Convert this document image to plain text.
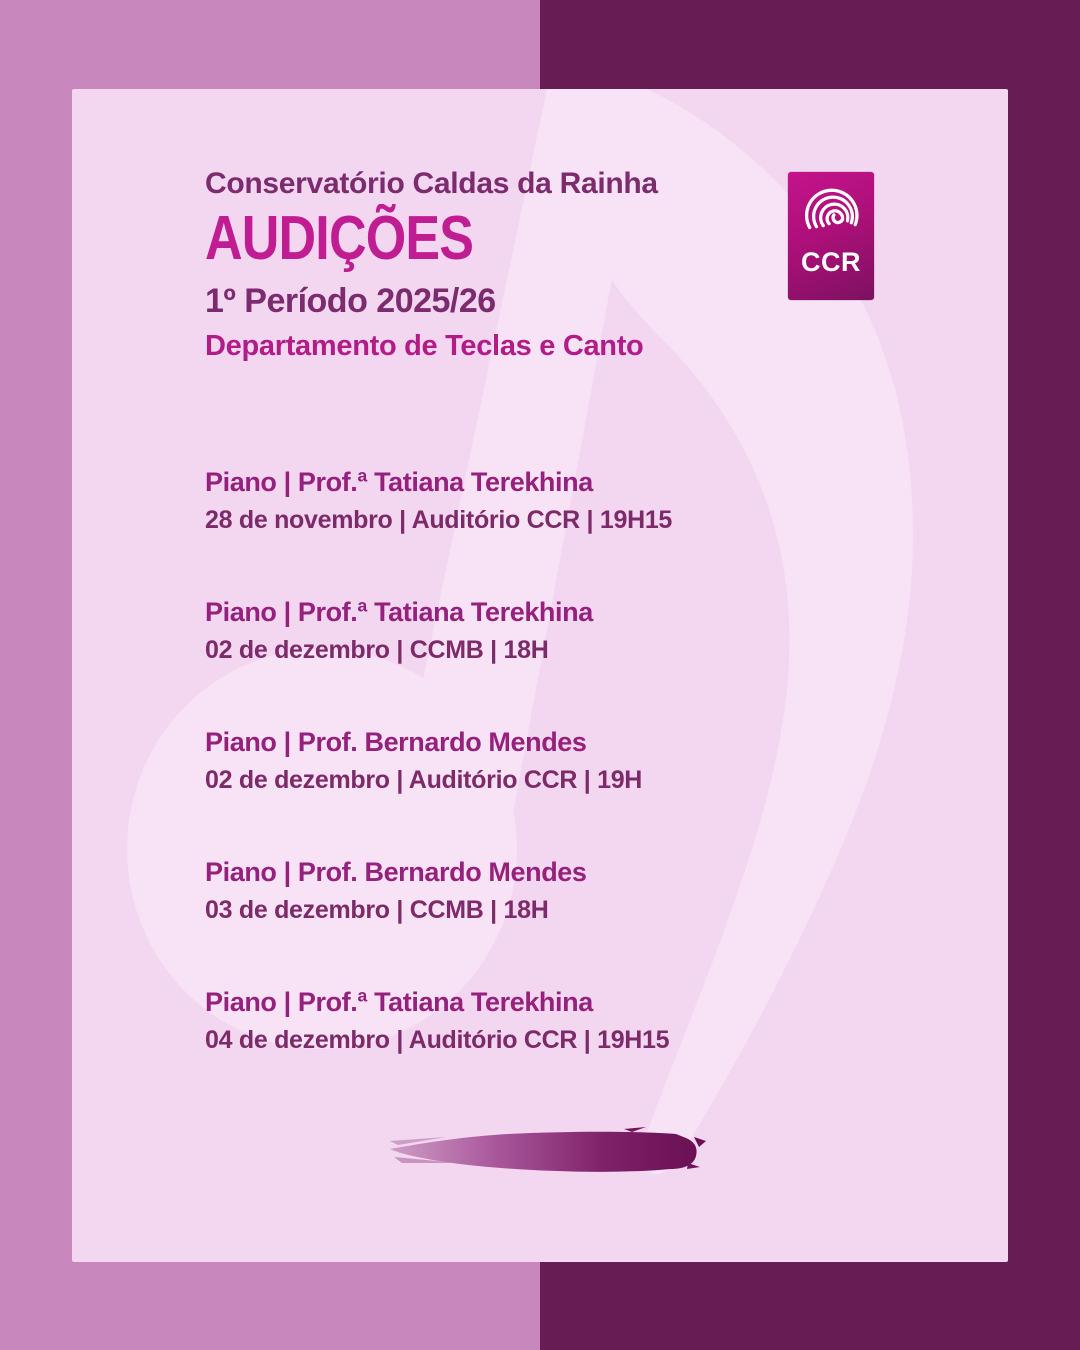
Conservatório Caldas da Rainha
AUDIÇÕES
1º Período 2025/26
Departamento de Teclas e Canto
CCR
Piano | Prof.ª Tatiana Terekhina
28 de novembro | Auditório CCR | 19H15
Piano | Prof.ª Tatiana Terekhina
02 de dezembro | CCMB | 18H
Piano | Prof. Bernardo Mendes
02 de dezembro | Auditório CCR | 19H
Piano | Prof. Bernardo Mendes
03 de dezembro | CCMB | 18H
Piano | Prof.ª Tatiana Terekhina
04 de dezembro | Auditório CCR | 19H15
